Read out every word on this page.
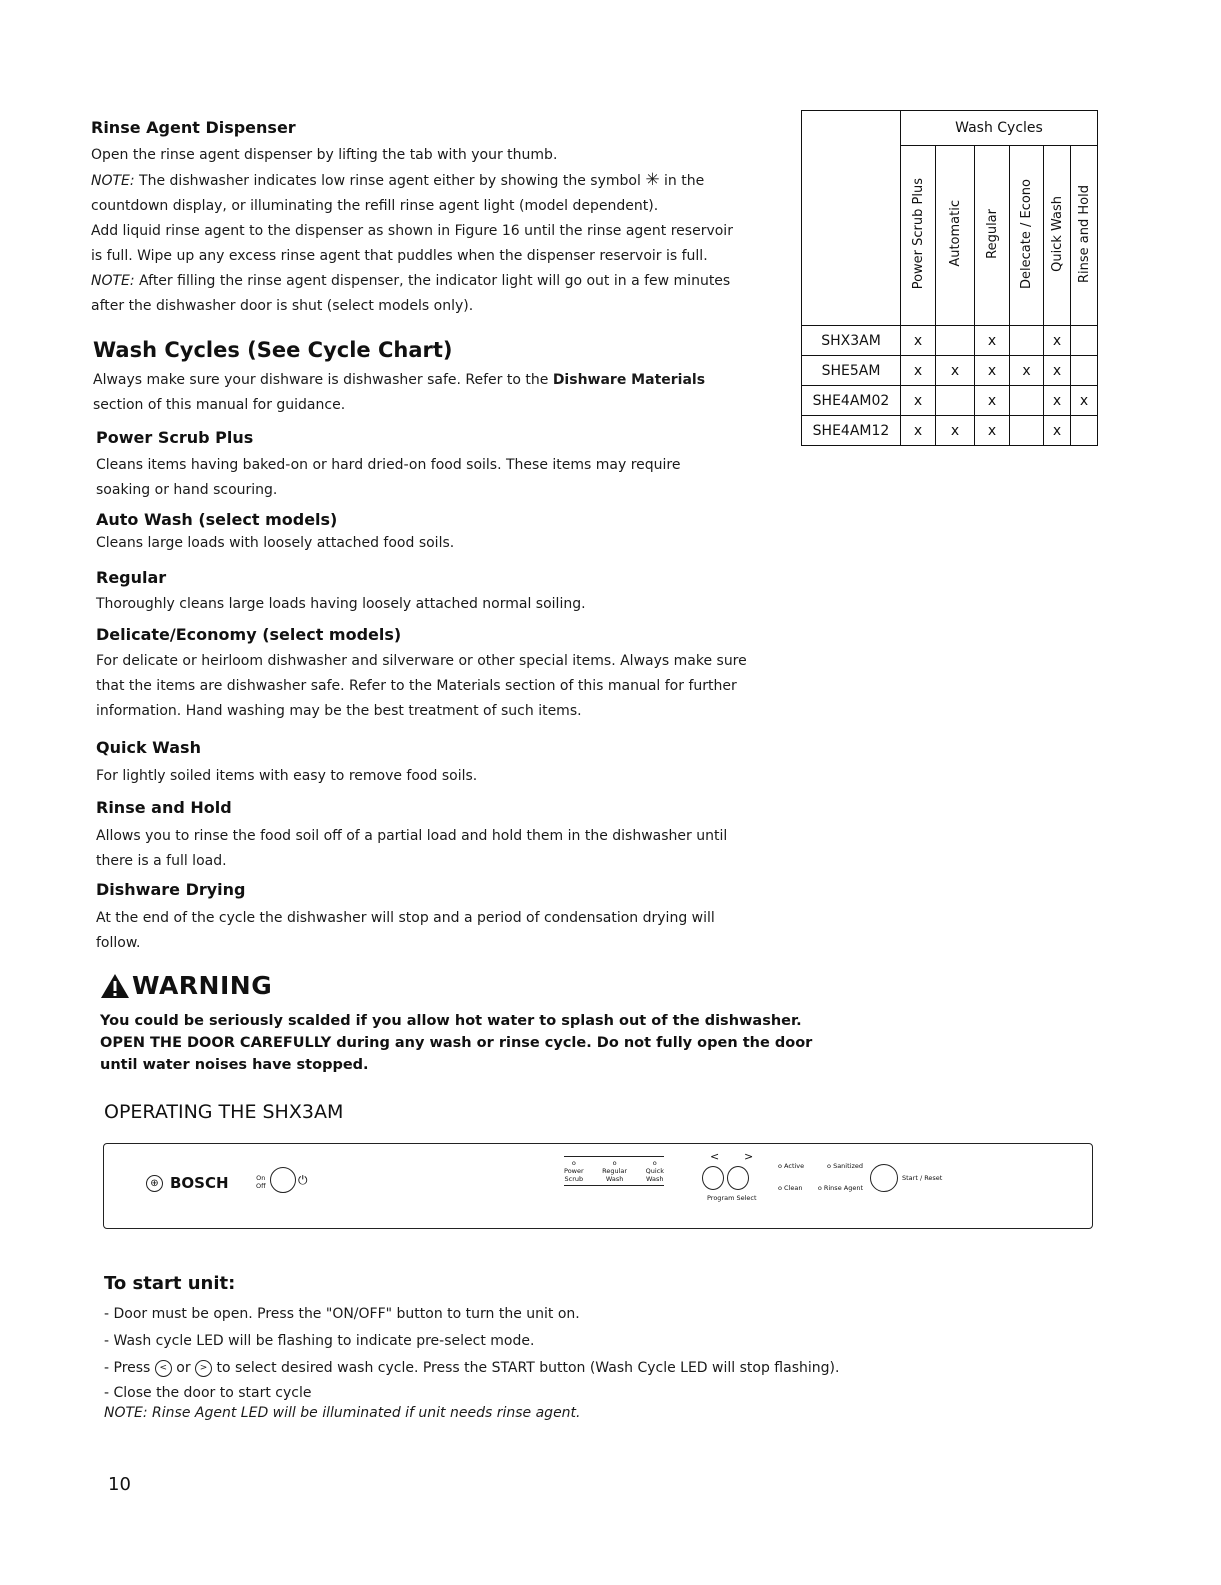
Rinse Agent Dispenser
Open the rinse agent dispenser by lifting the tab with your thumb.
NOTE: The dishwasher indicates low rinse agent either by showing the symbol ✳ in the
countdown display, or illuminating the refill rinse agent light (model dependent).
Add liquid rinse agent to the dispenser as shown in Figure 16 until the rinse agent reservoir
is full. Wipe up any excess rinse agent that puddles when the dispenser reservoir is full.
NOTE: After filling the rinse agent dispenser, the indicator light will go out in a few minutes
after the dishwasher door is shut (select models only).
Wash Cycles (See Cycle Chart)
Always make sure your dishware is dishwasher safe. Refer to the Dishware Materials
section of this manual for guidance.
Power Scrub Plus
Cleans items having baked-on or hard dried-on food soils. These items may require
soaking or hand scouring.
Auto Wash (select models)
Cleans large loads with loosely attached food soils.
Regular
Thoroughly cleans large loads having loosely attached normal soiling.
Delicate/Economy (select models)
For delicate or heirloom dishwasher and silverware or other special items. Always make sure
that the items are dishwasher safe. Refer to the Materials section of this manual for further
information. Hand washing may be the best treatment of such items.
Quick Wash
For lightly soiled items with easy to remove food soils.
Rinse and Hold
Allows you to rinse the food soil off of a partial load and hold them in the dishwasher until
there is a full load.
Dishware Drying
At the end of the cycle the dishwasher will stop and a period of condensation drying will
follow.
WARNING
You could be seriously scalded if you allow hot water to splash out of the dishwasher.
OPEN THE DOOR CAREFULLY during any wash or rinse cycle. Do not fully open the door
until water noises have stopped.
OPERATING THE SHX3AM
⊕ BOSCH	On
Off	⏻
o
Power
Scrub
o
Regular
Wash
o
Quick
Wash
< >
Program Select
o Active	o Sanitized
o Clean o Rinse Agent
Start / Reset
To start unit:
- Door must be open. Press the "ON/OFF" button to turn the unit on.
- Wash cycle LED will be flashing to indicate pre-select mode.
- Press < or > to select desired wash cycle. Press the START button (Wash Cycle LED will stop flashing).
- Close the door to start cycle
NOTE: Rinse Agent LED will be illuminated if unit needs rinse agent.
10
	Wash Cycles					
	Power Scrub Plus	Automatic	Regular	Delecate / Econo	Quick Wash	Rinse and Hold
SHX3AM	x		x		x	
SHE5AM	x	x	x	x	x	
SHE4AM02	x		x		x	x
SHE4AM12	x	x	x		x	
